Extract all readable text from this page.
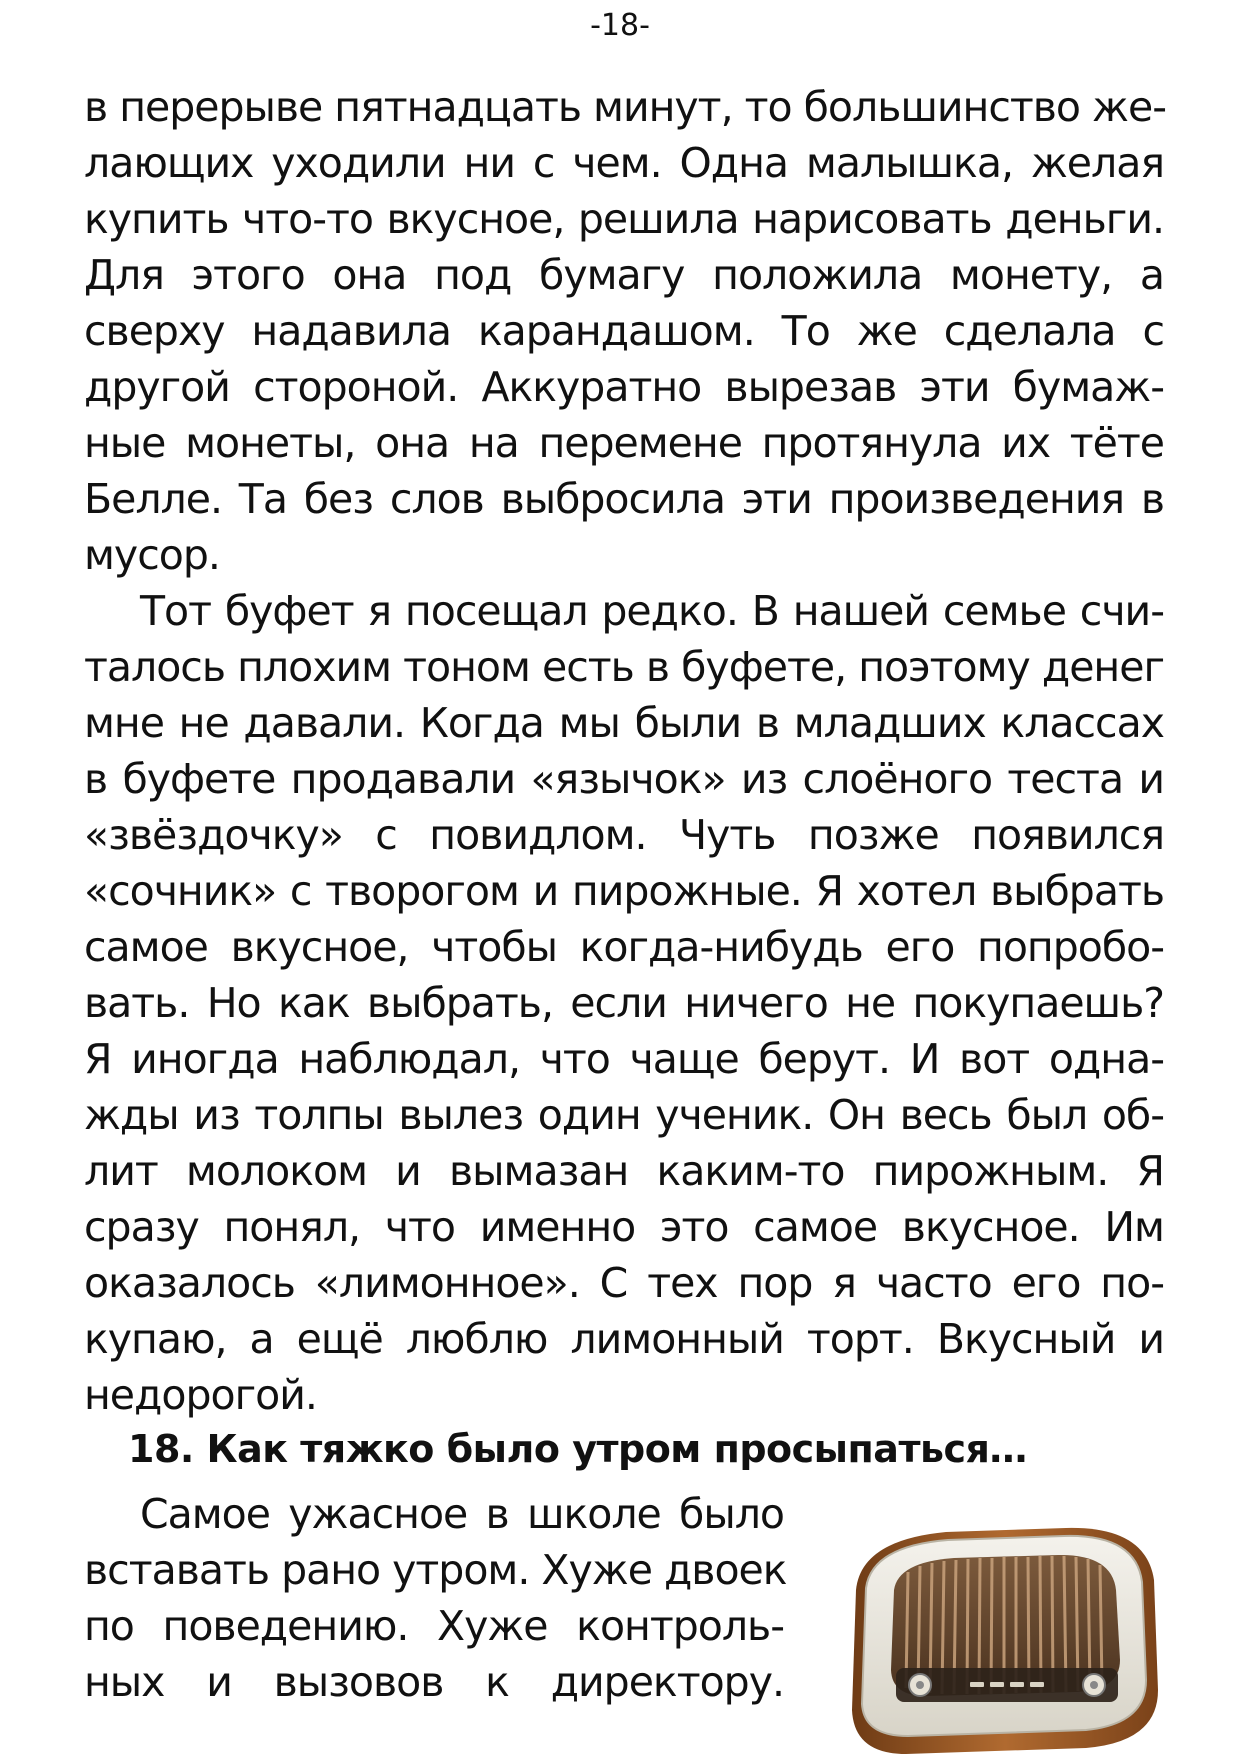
-18-
в перерыве пятнадцать минут, то большинство же-
лающих уходили ни с чем. Одна малышка, желая
купить что-то вкусное, решила нарисовать деньги.
Для этого она под бумагу положила монету, а
сверху надавила карандашом. То же сделала с
другой стороной. Аккуратно вырезав эти бумаж-
ные монеты, она на перемене протянула их тёте
Белле. Та без слов выбросила эти произведения в
мусор.
Тот буфет я посещал редко. В нашей семье счи-
талось плохим тоном есть в буфете, поэтому денег
мне не давали. Когда мы были в младших классах
в буфете продавали «язычок» из слоёного теста и
«звёздочку» с повидлом. Чуть позже появился
«сочник» с творогом и пирожные. Я хотел выбрать
самое вкусное, чтобы когда-нибудь его попробо-
вать. Но как выбрать, если ничего не покупаешь?
Я иногда наблюдал, что чаще берут. И вот одна-
жды из толпы вылез один ученик. Он весь был об-
лит молоком и вымазан каким-то пирожным. Я
сразу понял, что именно это самое вкусное. Им
оказалось «лимонное». С тех пор я часто его по-
купаю, а ещё люблю лимонный торт. Вкусный и
недорогой.
18. Как тяжко было утром просыпаться…
Самое ужасное в школе было
вставать рано утром. Хуже двоек
по поведению. Хуже контроль-
ных и вызовов к директору.
